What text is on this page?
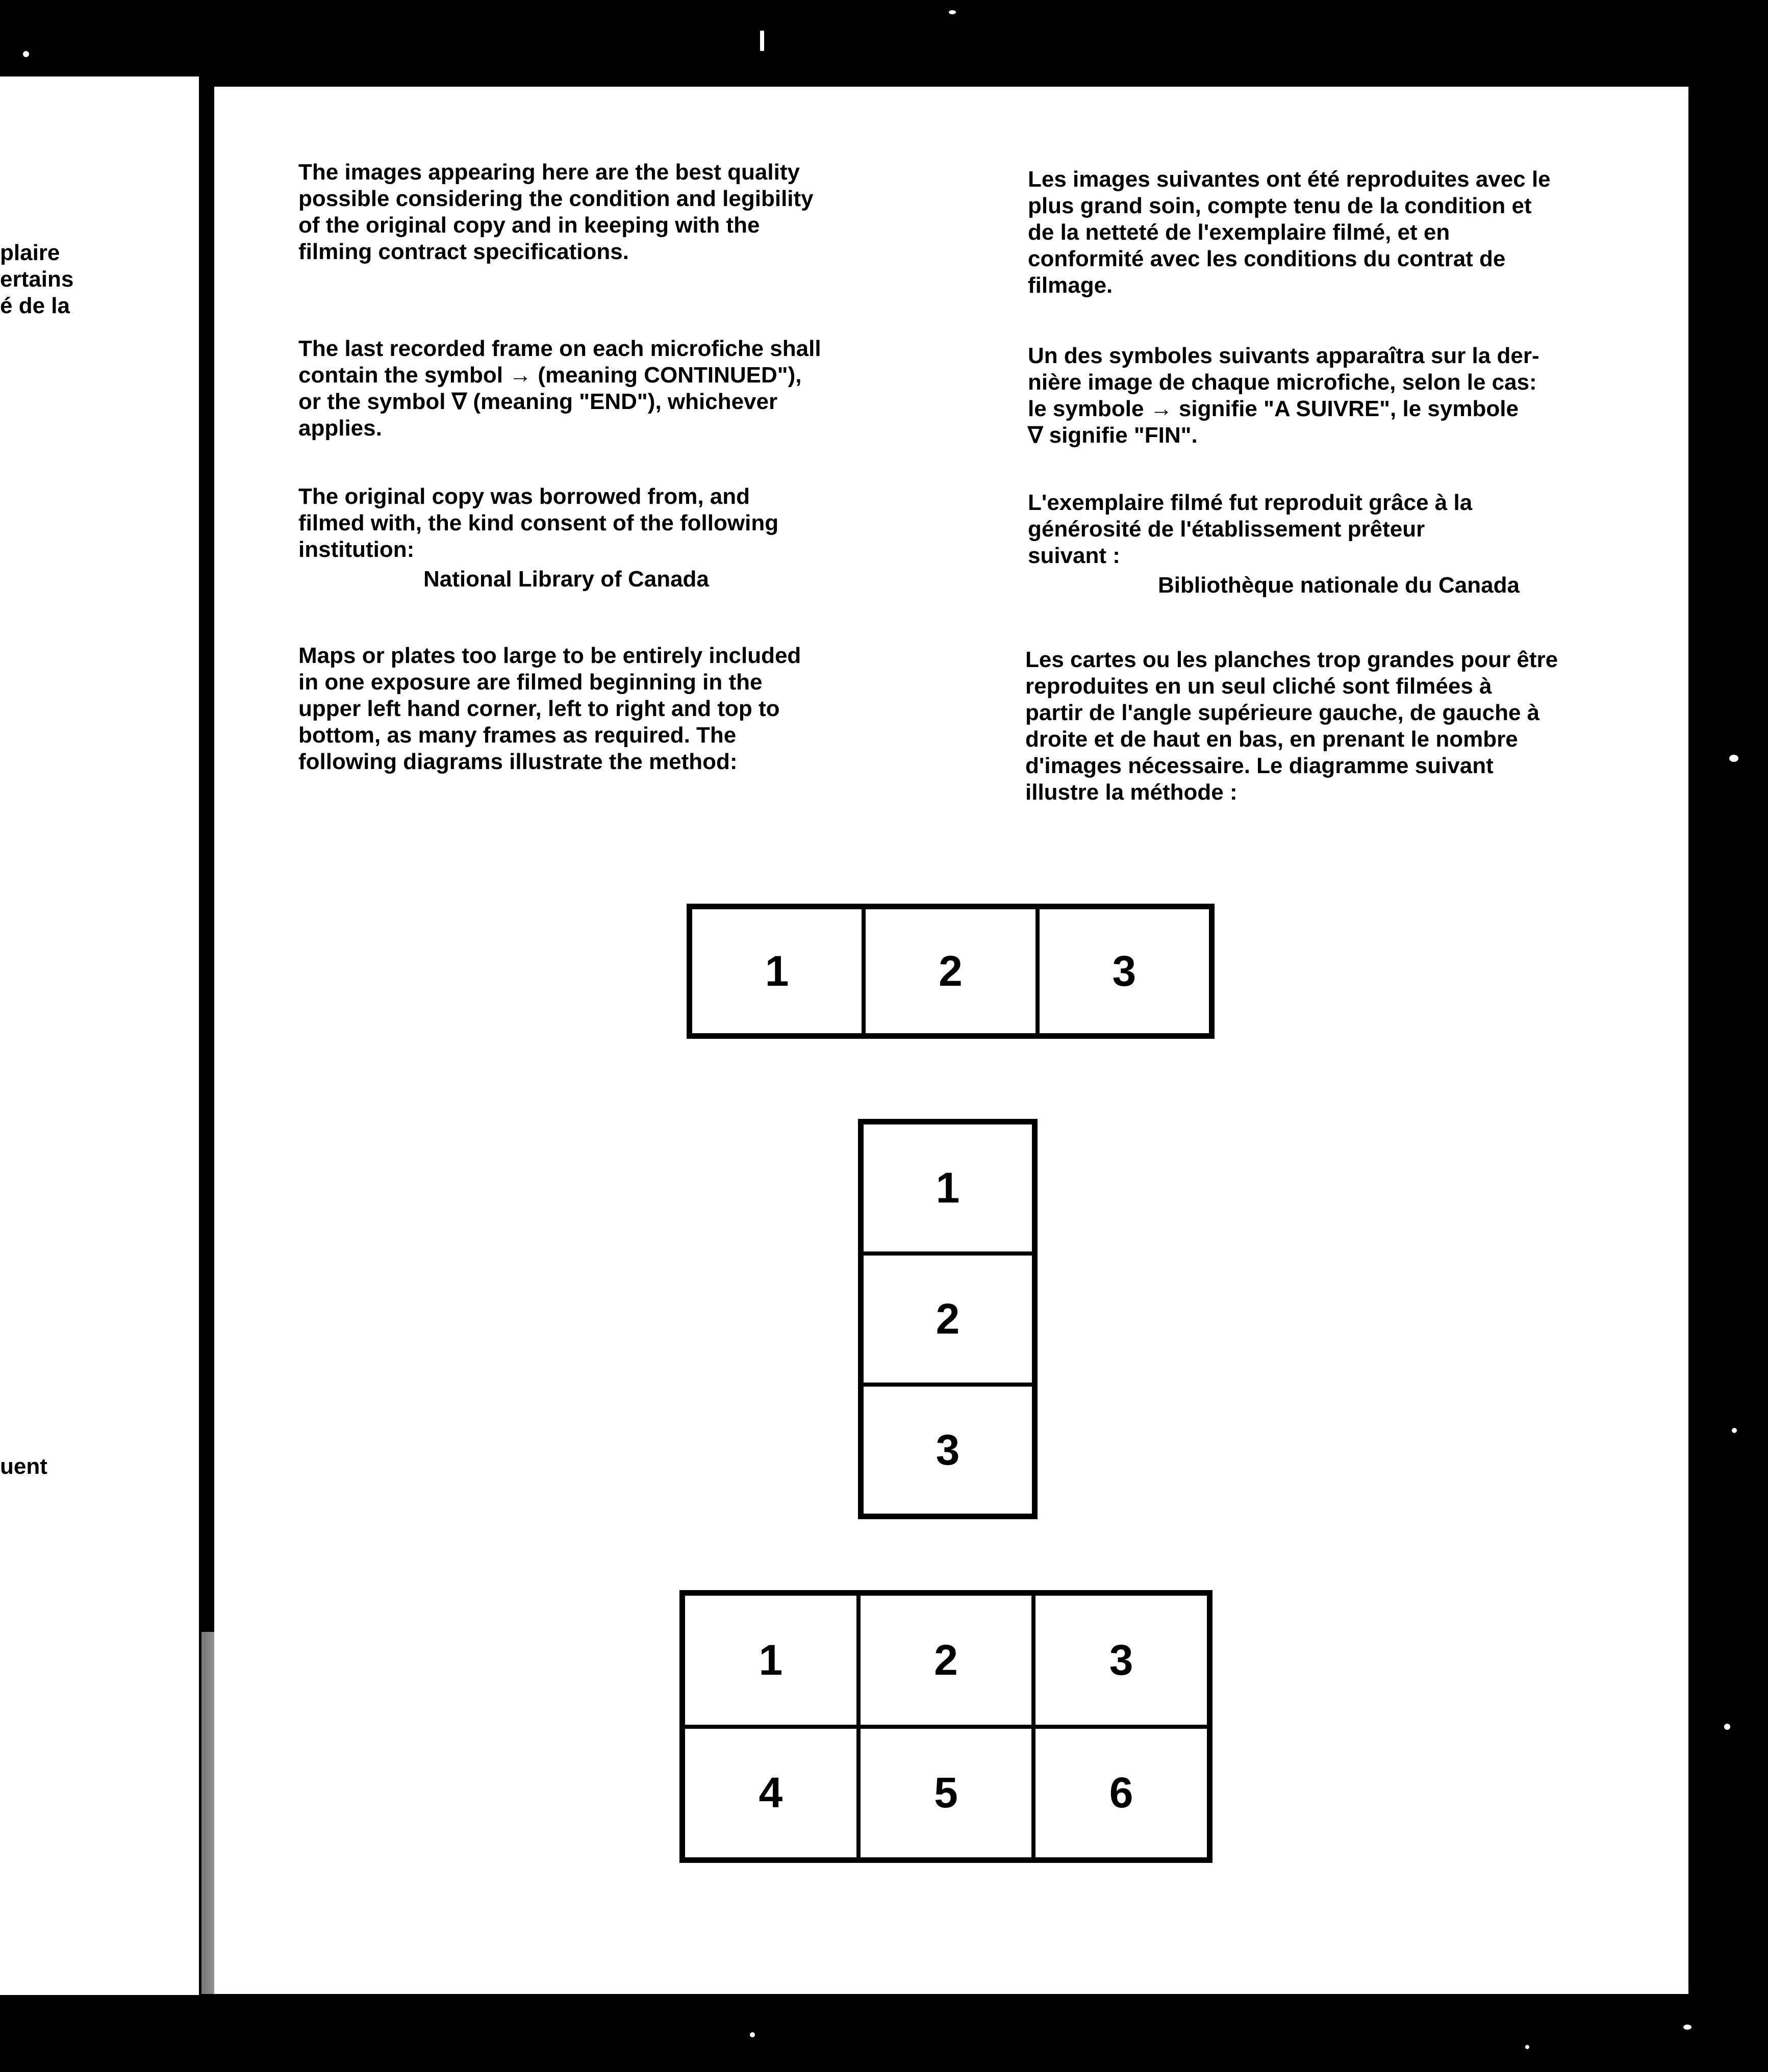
plaire
ertains
é de la
uent

The images appearing here are the best quality
possible considering the condition and legibility
of the original copy and in keeping with the
filming contract specifications.

The last recorded frame on each microfiche shall
contain the symbol → (meaning CONTINUED"),
or the symbol ∇ (meaning "END"), whichever
applies.

The original copy was borrowed from, and
filmed with, the kind consent of the following
institution:

National Library of Canada

Maps or plates too large to be entirely included
in one exposure are filmed beginning in the
upper left hand corner, left to right and top to
bottom, as many frames as required. The
following diagrams illustrate the method:

Les images suivantes ont été reproduites avec le
plus grand soin, compte tenu de la condition et
de la netteté de l'exemplaire filmé, et en
conformité avec les conditions du contrat de
filmage.

Un des symboles suivants apparaîtra sur la der-
nière image de chaque microfiche, selon le cas:
le symbole → signifie "A SUIVRE", le symbole
∇ signifie "FIN".

L'exemplaire filmé fut reproduit grâce à la
générosité de l'établissement prêteur
suivant :

Bibliothèque nationale du Canada

Les cartes ou les planches trop grandes pour être
reproduites en un seul cliché sont filmées à
partir de l'angle supérieure gauche, de gauche à
droite et de haut en bas, en prenant le nombre
d'images nécessaire. Le diagramme suivant
illustre la méthode :

1	2	3
1
2
3
1	2	3
4	5	6
